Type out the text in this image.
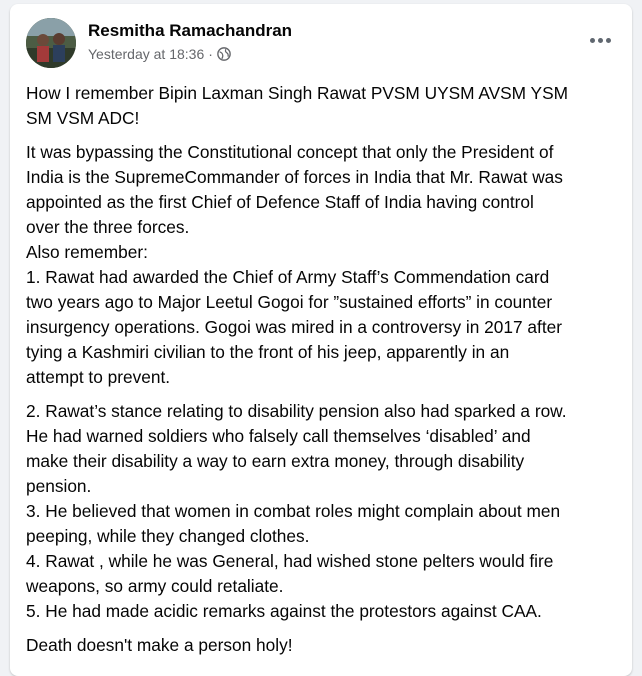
Resmitha Ramachandran
Yesterday at 18:36 ·
How I remember Bipin Laxman Singh Rawat PVSM UYSM AVSM YSM
SM VSM ADC!
It was bypassing the Constitutional concept that only the President of
India is the SupremeCommander of forces in India that Mr. Rawat was
appointed as the first Chief of Defence Staff of India having control
over the three forces.
Also remember:
1. Rawat had awarded the Chief of Army Staff’s Commendation card
two years ago to Major Leetul Gogoi for ”sustained efforts” in counter
insurgency operations. Gogoi was mired in a controversy in 2017 after
tying a Kashmiri civilian to the front of his jeep, apparently in an
attempt to prevent.
2. Rawat’s stance relating to disability pension also had sparked a row.
He had warned soldiers who falsely call themselves ‘disabled’ and
make their disability a way to earn extra money, through disability
pension.
3. He believed that women in combat roles might complain about men
peeping, while they changed clothes.
4. Rawat , while he was General, had wished stone pelters would fire
weapons, so army could retaliate.
5. He had made acidic remarks against the protestors against CAA.
Death doesn't make a person holy!
